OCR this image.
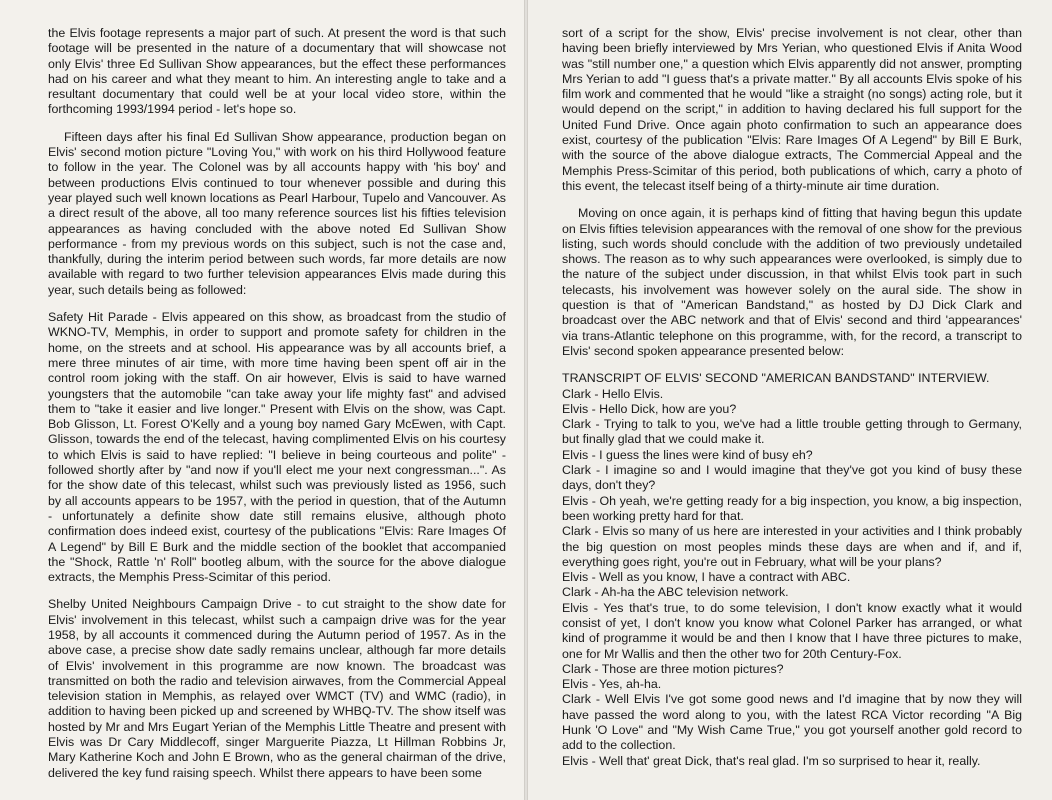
the Elvis footage represents a major part of such. At present the word is that such footage will be presented in the nature of a documentary that will showcase not only Elvis' three Ed Sullivan Show appearances, but the effect these performances had on his career and what they meant to him. An interesting angle to take and a resultant documentary that could well be at your local video store, within the forthcoming 1993/1994 period - let's hope so.

Fifteen days after his final Ed Sullivan Show appearance, production began on Elvis' second motion picture "Loving You," with work on his third Hollywood feature to follow in the year. The Colonel was by all accounts happy with 'his boy' and between productions Elvis continued to tour whenever possible and during this year played such well known locations as Pearl Harbour, Tupelo and Vancouver. As a direct result of the above, all too many reference sources list his fifties television appearances as having concluded with the above noted Ed Sullivan Show performance - from my previous words on this subject, such is not the case and, thankfully, during the interim period between such words, far more details are now available with regard to two further television appearances Elvis made during this year, such details being as followed:

Safety Hit Parade - Elvis appeared on this show, as broadcast from the studio of WKNO-TV, Memphis, in order to support and promote safety for children in the home, on the streets and at school. His appearance was by all accounts brief, a mere three minutes of air time, with more time having been spent off air in the control room joking with the staff. On air however, Elvis is said to have warned youngsters that the automobile "can take away your life mighty fast" and advised them to "take it easier and live longer." Present with Elvis on the show, was Capt. Bob Glisson, Lt. Forest O'Kelly and a young boy named Gary McEwen, with Capt. Glisson, towards the end of the telecast, having complimented Elvis on his courtesy to which Elvis is said to have replied: "I believe in being courteous and polite" - followed shortly after by "and now if you'll elect me your next congressman...". As for the show date of this telecast, whilst such was previously listed as 1956, such by all accounts appears to be 1957, with the period in question, that of the Autumn - unfortunately a definite show date still remains elusive, although photo confirmation does indeed exist, courtesy of the publications "Elvis: Rare Images Of A Legend" by Bill E Burk and the middle section of the booklet that accompanied the "Shock, Rattle 'n' Roll" bootleg album, with the source for the above dialogue extracts, the Memphis Press-Scimitar of this period.

Shelby United Neighbours Campaign Drive - to cut straight to the show date for Elvis' involvement in this telecast, whilst such a campaign drive was for the year 1958, by all accounts it commenced during the Autumn period of 1957. As in the above case, a precise show date sadly remains unclear, although far more details of Elvis' involvement in this programme are now known. The broadcast was transmitted on both the radio and television airwaves, from the Commercial Appeal television station in Memphis, as relayed over WMCT (TV) and WMC (radio), in addition to having been picked up and screened by WHBQ-TV. The show itself was hosted by Mr and Mrs Eugart Yerian of the Memphis Little Theatre and present with Elvis was Dr Cary Middlecoff, singer Marguerite Piazza, Lt Hillman Robbins Jr, Mary Katherine Koch and John E Brown, who as the general chairman of the drive, delivered the key fund raising speech. Whilst there appears to have been some

sort of a script for the show, Elvis' precise involvement is not clear, other than having been briefly interviewed by Mrs Yerian, who questioned Elvis if Anita Wood was "still number one," a question which Elvis apparently did not answer, prompting Mrs Yerian to add "I guess that's a private matter." By all accounts Elvis spoke of his film work and commented that he would "like a straight (no songs) acting role, but it would depend on the script," in addition to having declared his full support for the United Fund Drive. Once again photo confirmation to such an appearance does exist, courtesy of the publication "Elvis: Rare Images Of A Legend" by Bill E Burk, with the source of the above dialogue extracts, The Commercial Appeal and the Memphis Press-Scimitar of this period, both publications of which, carry a photo of this event, the telecast itself being of a thirty-minute air time duration.

Moving on once again, it is perhaps kind of fitting that having begun this update on Elvis fifties television appearances with the removal of one show for the previous listing, such words should conclude with the addition of two previously undetailed shows. The reason as to why such appearances were overlooked, is simply due to the nature of the subject under discussion, in that whilst Elvis took part in such telecasts, his involvement was however solely on the aural side. The show in question is that of "American Bandstand," as hosted by DJ Dick Clark and broadcast over the ABC network and that of Elvis' second and third 'appearances' via trans-Atlantic telephone on this programme, with, for the record, a transcript to Elvis' second spoken appearance presented below:

TRANSCRIPT OF ELVIS' SECOND "AMERICAN BANDSTAND" INTERVIEW.
Clark - Hello Elvis.
Elvis - Hello Dick, how are you?
Clark - Trying to talk to you, we've had a little trouble getting through to Germany, but finally glad that we could make it.
Elvis - I guess the lines were kind of busy eh?
Clark - I imagine so and I would imagine that they've got you kind of busy these days, don't they?
Elvis - Oh yeah, we're getting ready for a big inspection, you know, a big inspection, been working pretty hard for that.
Clark - Elvis so many of us here are interested in your activities and I think probably the big question on most peoples minds these days are when and if, and if, everything goes right, you're out in February, what will be your plans?
Elvis - Well as you know, I have a contract with ABC.
Clark - Ah-ha the ABC television network.
Elvis - Yes that's true, to do some television, I don't know exactly what it would consist of yet, I don't know you know what Colonel Parker has arranged, or what kind of programme it would be and then I know that I have three pictures to make, one for Mr Wallis and then the other two for 20th Century-Fox.
Clark - Those are three motion pictures?
Elvis - Yes, ah-ha.
Clark - Well Elvis I've got some good news and I'd imagine that by now they will have passed the word along to you, with the latest RCA Victor recording "A Big Hunk 'O Love" and "My Wish Came True," you got yourself another gold record to add to the collection.
Elvis - Well that' great Dick, that's real glad. I'm so surprised to hear it, really.
